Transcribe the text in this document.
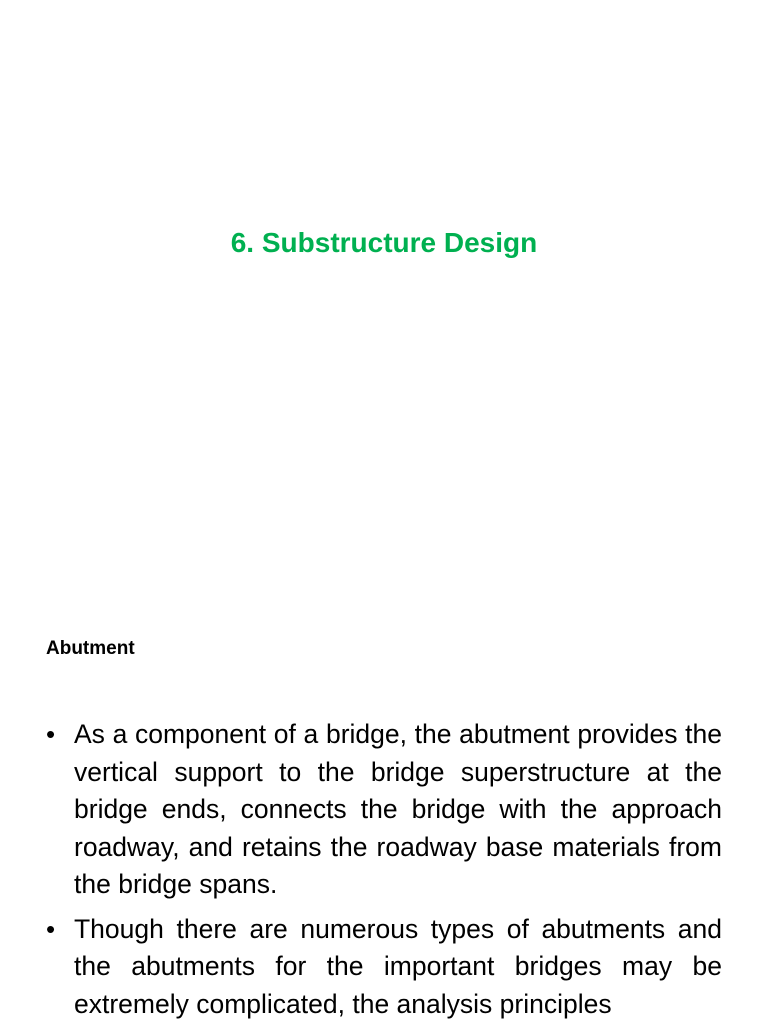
6. Substructure Design
Abutment
• As a component of a bridge, the abutment provides the vertical support to the bridge superstructure at the bridge ends, connects the bridge with the approach roadway, and retains the roadway base materials from the bridge spans.
• Though there are numerous types of abutments and the abutments for the important bridges may be extremely complicated, the analysis principles
